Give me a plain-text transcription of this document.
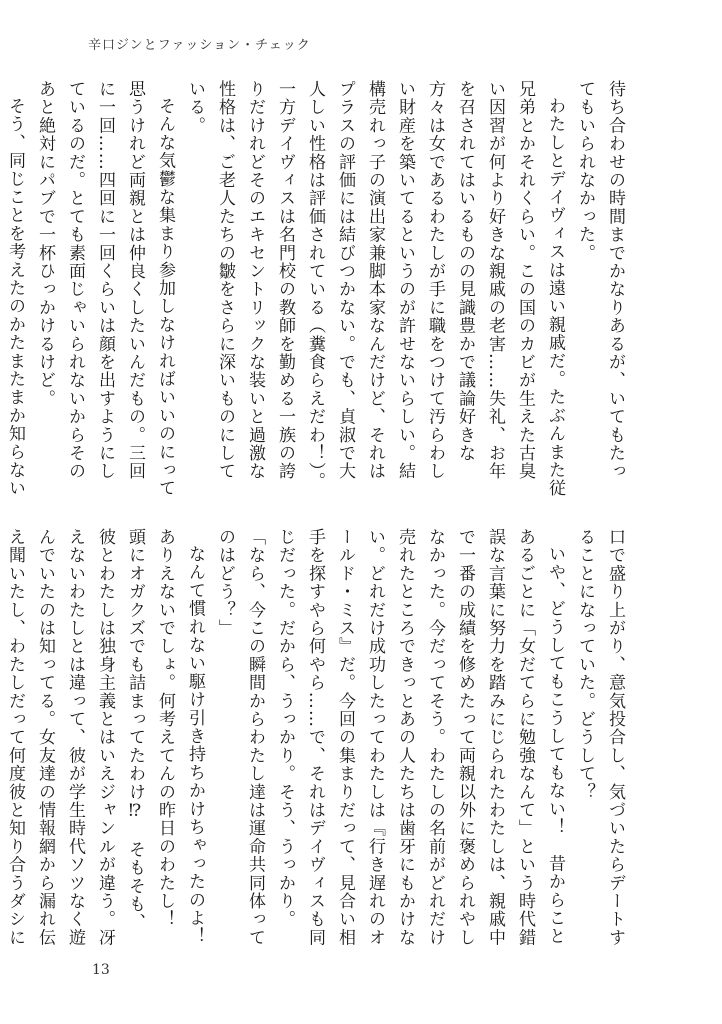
辛口ジンとファッション・チェック

待ち合わせの時間までかなりあるが、いてもたってもいられなかった。

わたしとデイヴィスは遠い親戚だ。たぶんまた従兄弟とかそれくらい。この国のカビが生えた古臭い因習が何より好きな親戚の老害……失礼、お年を召されてはいるものの見識豊かで議論好きな方々は女であるわたしが手に職をつけて汚らわしい財産を築いてるというのが許せないらしい。結構売れっ子の演出家兼脚本家なんだけど、それはプラスの評価には結びつかない。でも、貞淑で大人しい性格は評価されている（糞食らえだわ！）。一方デイヴィスは名門校の教師を勤める一族の誇りだけれどそのエキセントリックな装いと過激な性格は、ご老人たちの皺をさらに深いものにしている。

そんな気鬱な集まり参加しなければいいのにって思うけれど両親とは仲良くしたいんだもの。三回に一回……四回に一回くらいは顔を出すようにしているのだ。とても素面じゃいられないからそのあと絶対にパブで一杯ひっかけるけど。

そう、同じことを考えたのかたまたまか知らない

口で盛り上がり、意気投合し、気づいたらデートすることになっていた。どうして？

いや、どうしてもこうしてもない！　昔からことあるごとに「女だてらに勉強なんて」という時代錯誤な言葉に努力を踏みにじられたわたしは、親戚中で一番の成績を修めたって両親以外に褒められやしなかった。今だってそう。わたしの名前がどれだけ売れたところできっとあの人たちは歯牙にもかけない。どれだけ成功したってわたしは『行き遅れのオールド・ミス』だ。今回の集まりだって、見合い相手を探すやら何やら……で、それはデイヴィスも同じだった。だから、うっかり。そう、うっかり。

「なら、今この瞬間からわたし達は運命共同体ってのはどう？」

なんて慣れない駆け引き持ちかけちゃったのよ！　ありえないでしょ。何考えてんの昨日のわたし！　頭にオガクズでも詰まってたわけ⁉　そもそも、彼とわたしは独身主義とはいえジャンルが違う。冴えないわたしとは違って、彼が学生時代ソツなく遊んでいたのは知ってる。女友達の情報網から漏れ伝え聞いたし、わたしだって何度彼と知り合うダシに

13
